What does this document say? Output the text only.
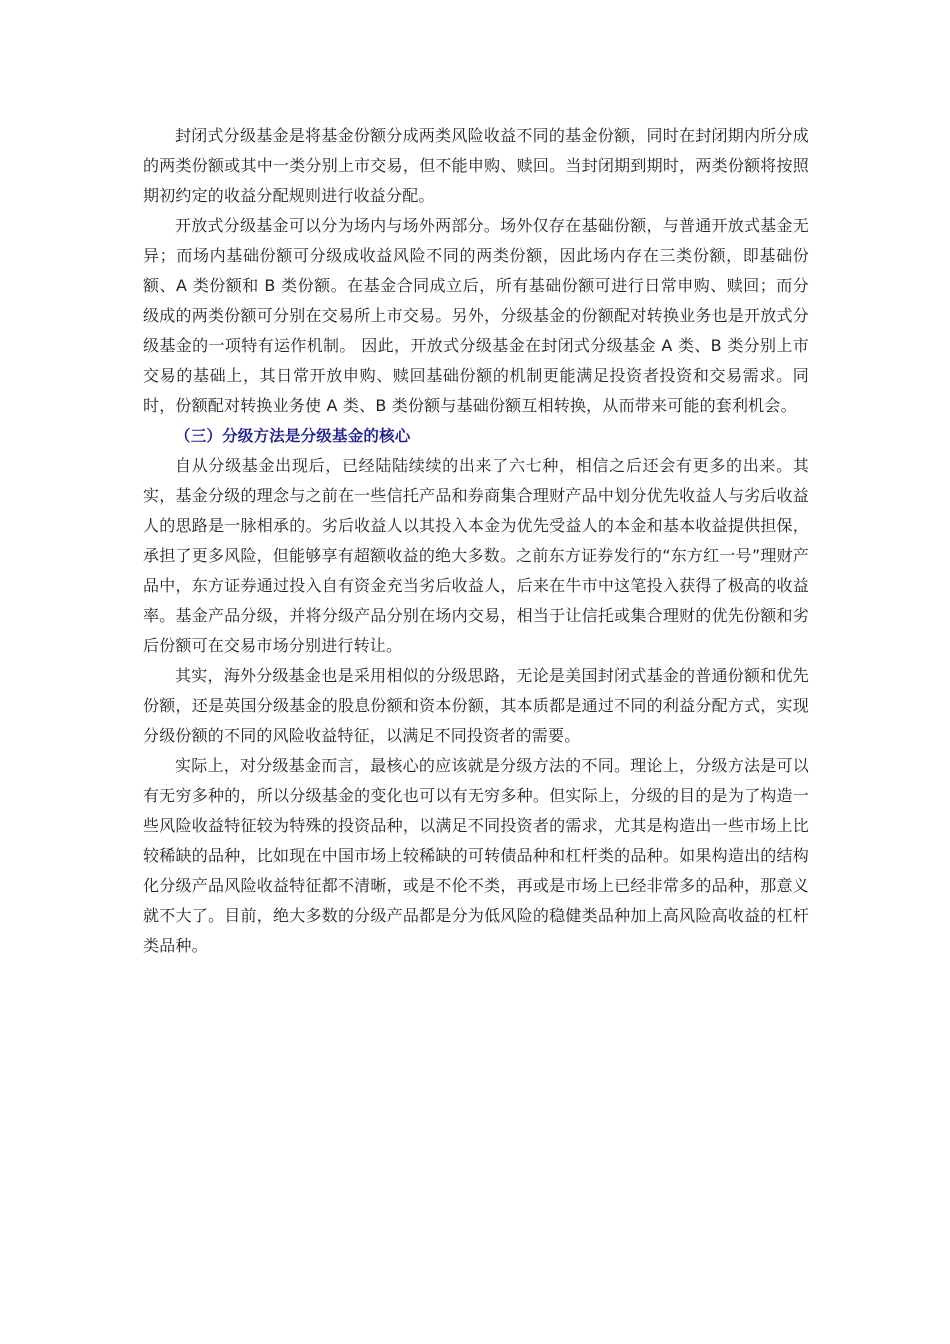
封闭式分级基金是将基金份额分成两类风险收益不同的基金份额，同时在封闭期内所分成的两类份额或其中一类分别上市交易，但不能申购、赎回。当封闭期到期时，两类份额将按照期初约定的收益分配规则进行收益分配。

开放式分级基金可以分为场内与场外两部分。场外仅存在基础份额，与普通开放式基金无异；而场内基础份额可分级成收益风险不同的两类份额，因此场内存在三类份额，即基础份额、A 类份额和 B 类份额。在基金合同成立后，所有基础份额可进行日常申购、赎回；而分级成的两类份额可分别在交易所上市交易。另外，分级基金的份额配对转换业务也是开放式分级基金的一项特有运作机制。 因此，开放式分级基金在封闭式分级基金 A 类、B 类分别上市交易的基础上，其日常开放申购、赎回基础份额的机制更能满足投资者投资和交易需求。同时，份额配对转换业务使 A 类、B 类份额与基础份额互相转换，从而带来可能的套利机会。

（三）分级方法是分级基金的核心

自从分级基金出现后，已经陆陆续续的出来了六七种，相信之后还会有更多的出来。其实，基金分级的理念与之前在一些信托产品和券商集合理财产品中划分优先收益人与劣后收益人的思路是一脉相承的。劣后收益人以其投入本金为优先受益人的本金和基本收益提供担保，承担了更多风险，但能够享有超额收益的绝大多数。之前东方证券发行的“东方红一号”理财产品中，东方证券通过投入自有资金充当劣后收益人，后来在牛市中这笔投入获得了极高的收益率。基金产品分级，并将分级产品分别在场内交易，相当于让信托或集合理财的优先份额和劣后份额可在交易市场分别进行转让。

其实，海外分级基金也是采用相似的分级思路，无论是美国封闭式基金的普通份额和优先份额，还是英国分级基金的股息份额和资本份额，其本质都是通过不同的利益分配方式，实现分级份额的不同的风险收益特征，以满足不同投资者的需要。

实际上，对分级基金而言，最核心的应该就是分级方法的不同。理论上，分级方法是可以有无穷多种的，所以分级基金的变化也可以有无穷多种。但实际上，分级的目的是为了构造一些风险收益特征较为特殊的投资品种，以满足不同投资者的需求，尤其是构造出一些市场上比较稀缺的品种，比如现在中国市场上较稀缺的可转债品种和杠杆类的品种。如果构造出的结构化分级产品风险收益特征都不清晰，或是不伦不类，再或是市场上已经非常多的品种，那意义就不大了。目前，绝大多数的分级产品都是分为低风险的稳健类品种加上高风险高收益的杠杆类品种。
